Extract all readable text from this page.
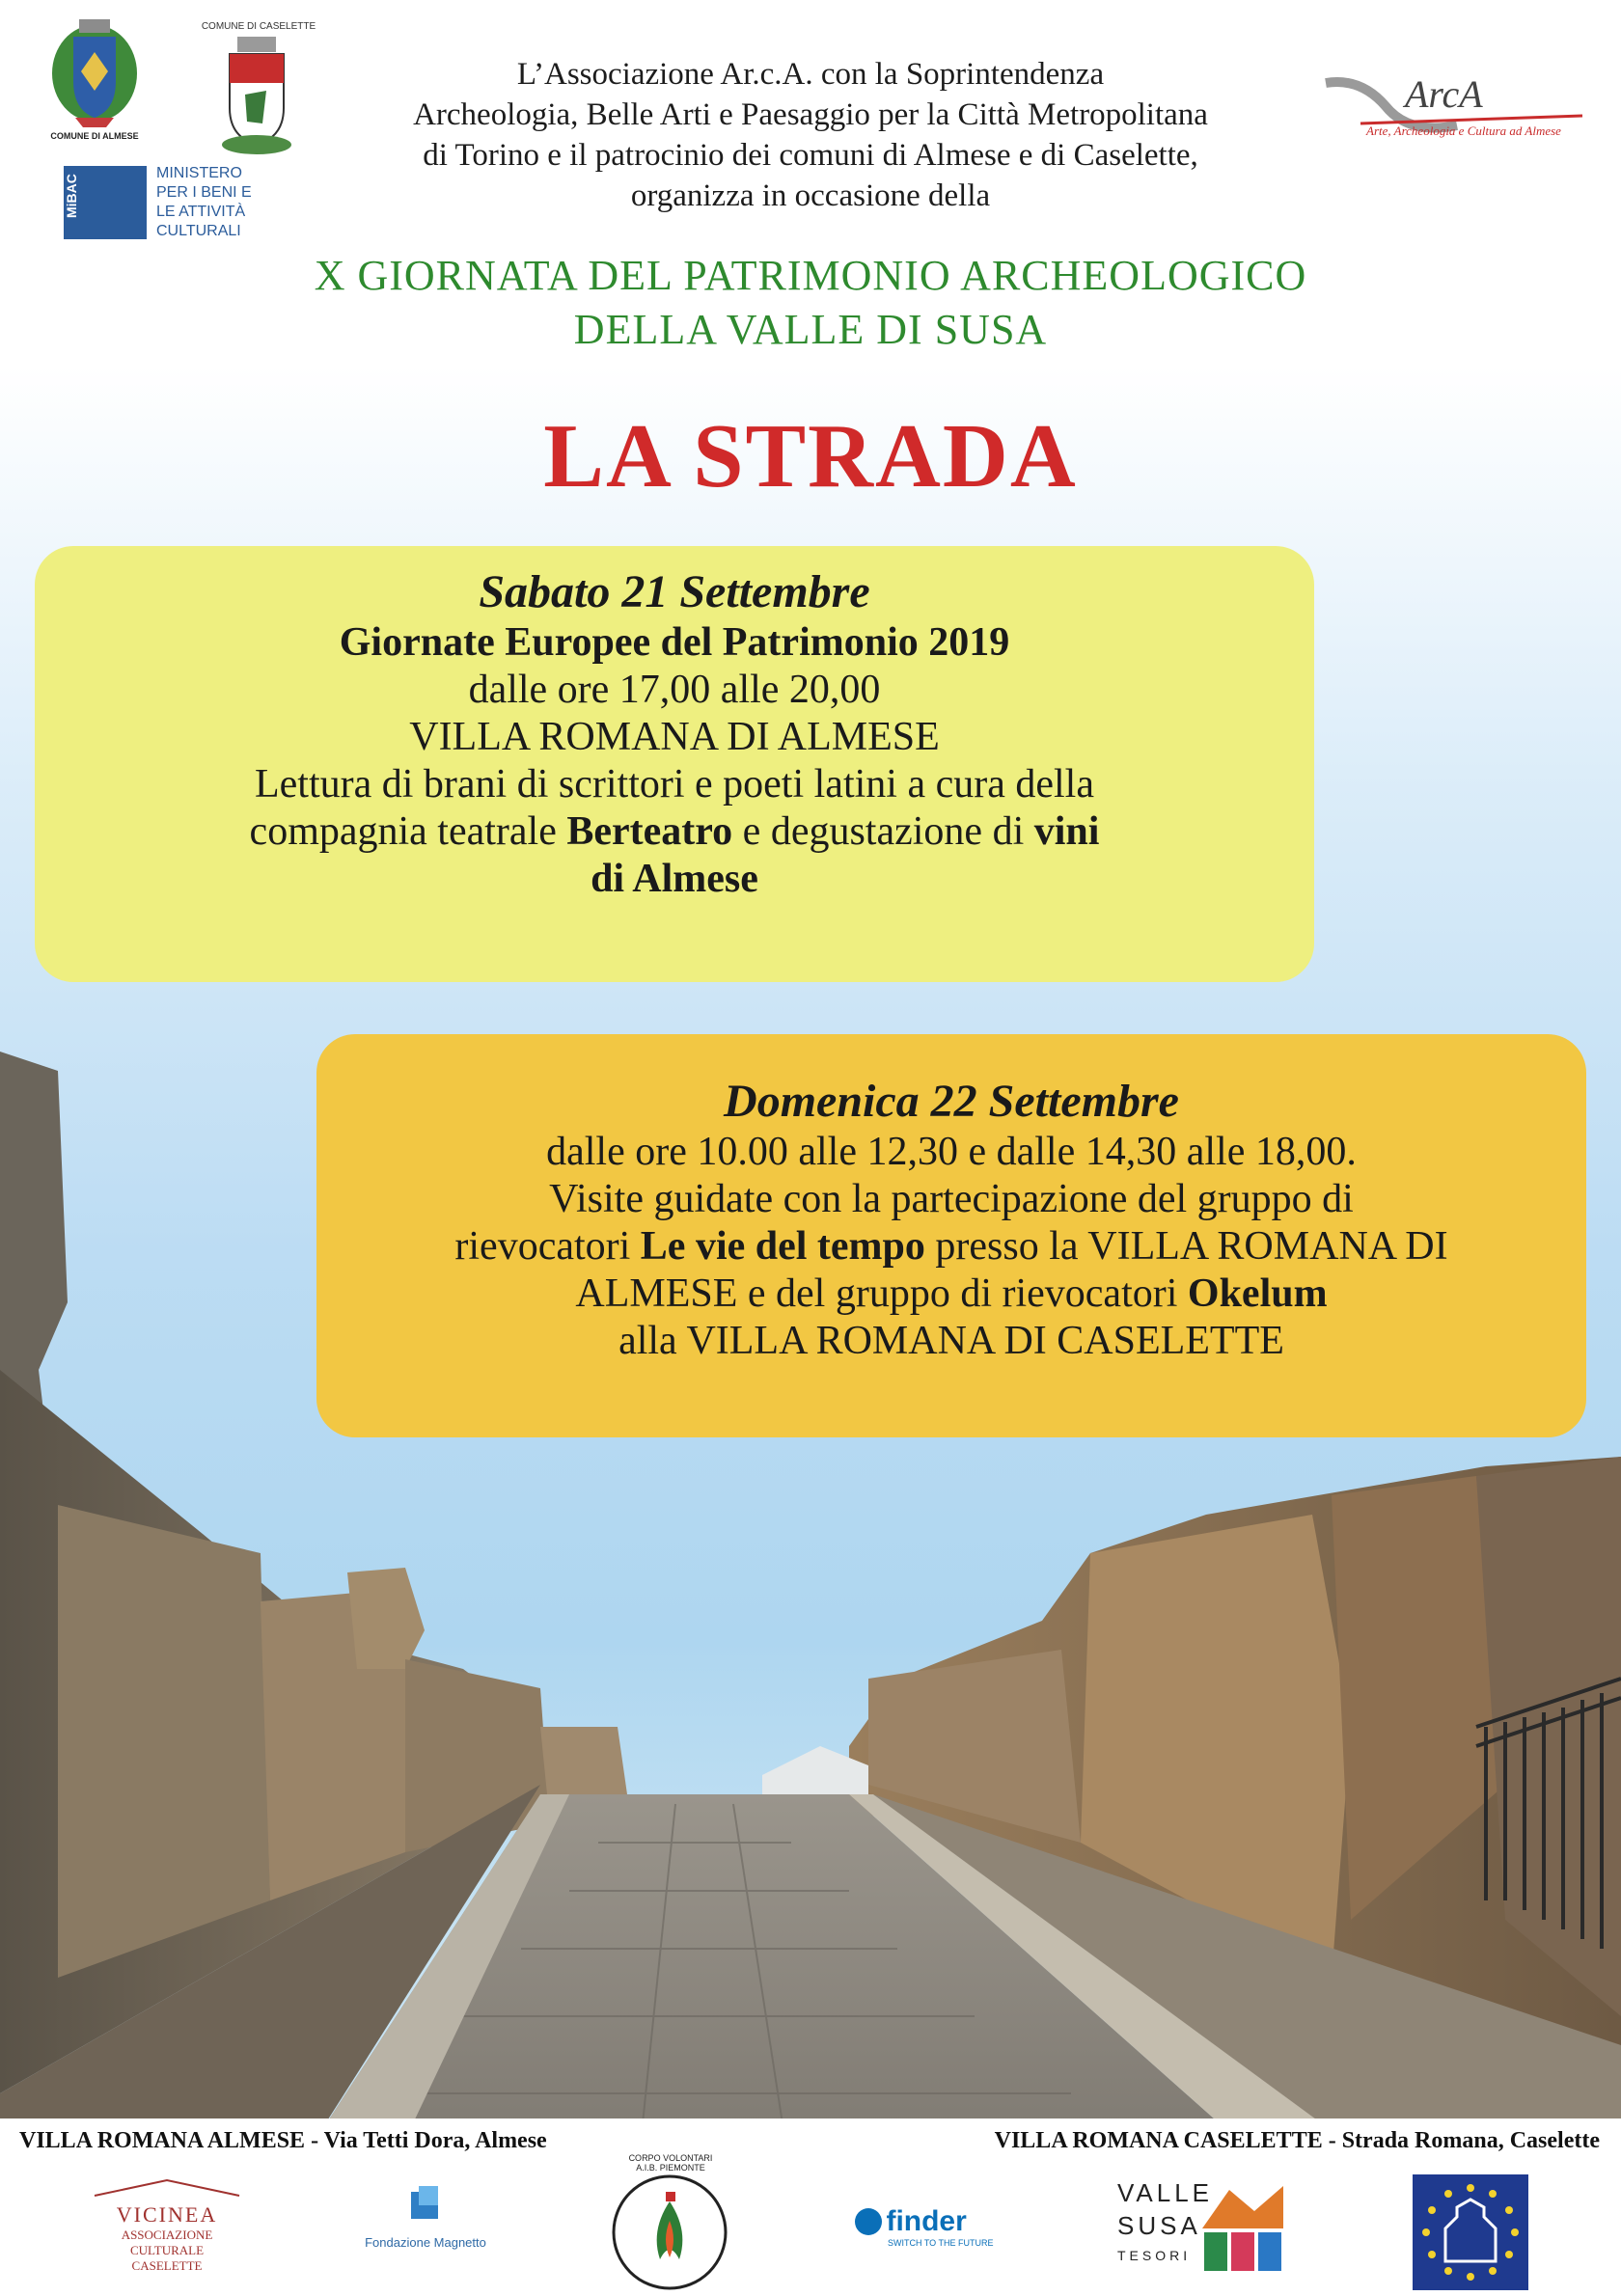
COMUNE DI ALMESE
COMUNE DI CASELETTE
MiBAC
MINISTERO
PER I BENI E
LE ATTIVITÀ
CULTURALI
ArcA
Arte, Archeologia e Cultura ad Almese
L’Associazione Ar.c.A. con la Soprintendenza
Archeologia, Belle Arti e Paesaggio per la Città Metropolitana
di Torino e il patrocinio dei comuni di Almese e di Caselette,
organizza in occasione della
X GIORNATA DEL PATRIMONIO ARCHEOLOGICO
DELLA VALLE DI SUSA
LA STRADA
Sabato 21 Settembre
Giornate Europee del Patrimonio 2019
dalle ore 17,00 alle 20,00
VILLA ROMANA DI ALMESE
Lettura di brani di scrittori e poeti latini a cura della
compagnia teatrale Berteatro e degustazione di vini
di Almese
Domenica 22 Settembre
dalle ore 10.00 alle 12,30 e dalle 14,30 alle 18,00.
Visite guidate con la partecipazione del gruppo di
rievocatori Le vie del tempo presso la VILLA ROMANA DI
ALMESE e del gruppo di rievocatori Okelum
alla VILLA ROMANA DI CASELETTE
VILLA ROMANA ALMESE - Via Tetti Dora, Almese	VILLA ROMANA CASELETTE - Strada Romana, Caselette
VICINEA
ASSOCIAZIONE CULTURALE
CASELETTE
Fondazione Magnetto
CORPO VOLONTARI A.I.B. PIEMONTE
finder
SWITCH TO THE FUTURE
VALLE
SUSA
TESORI
